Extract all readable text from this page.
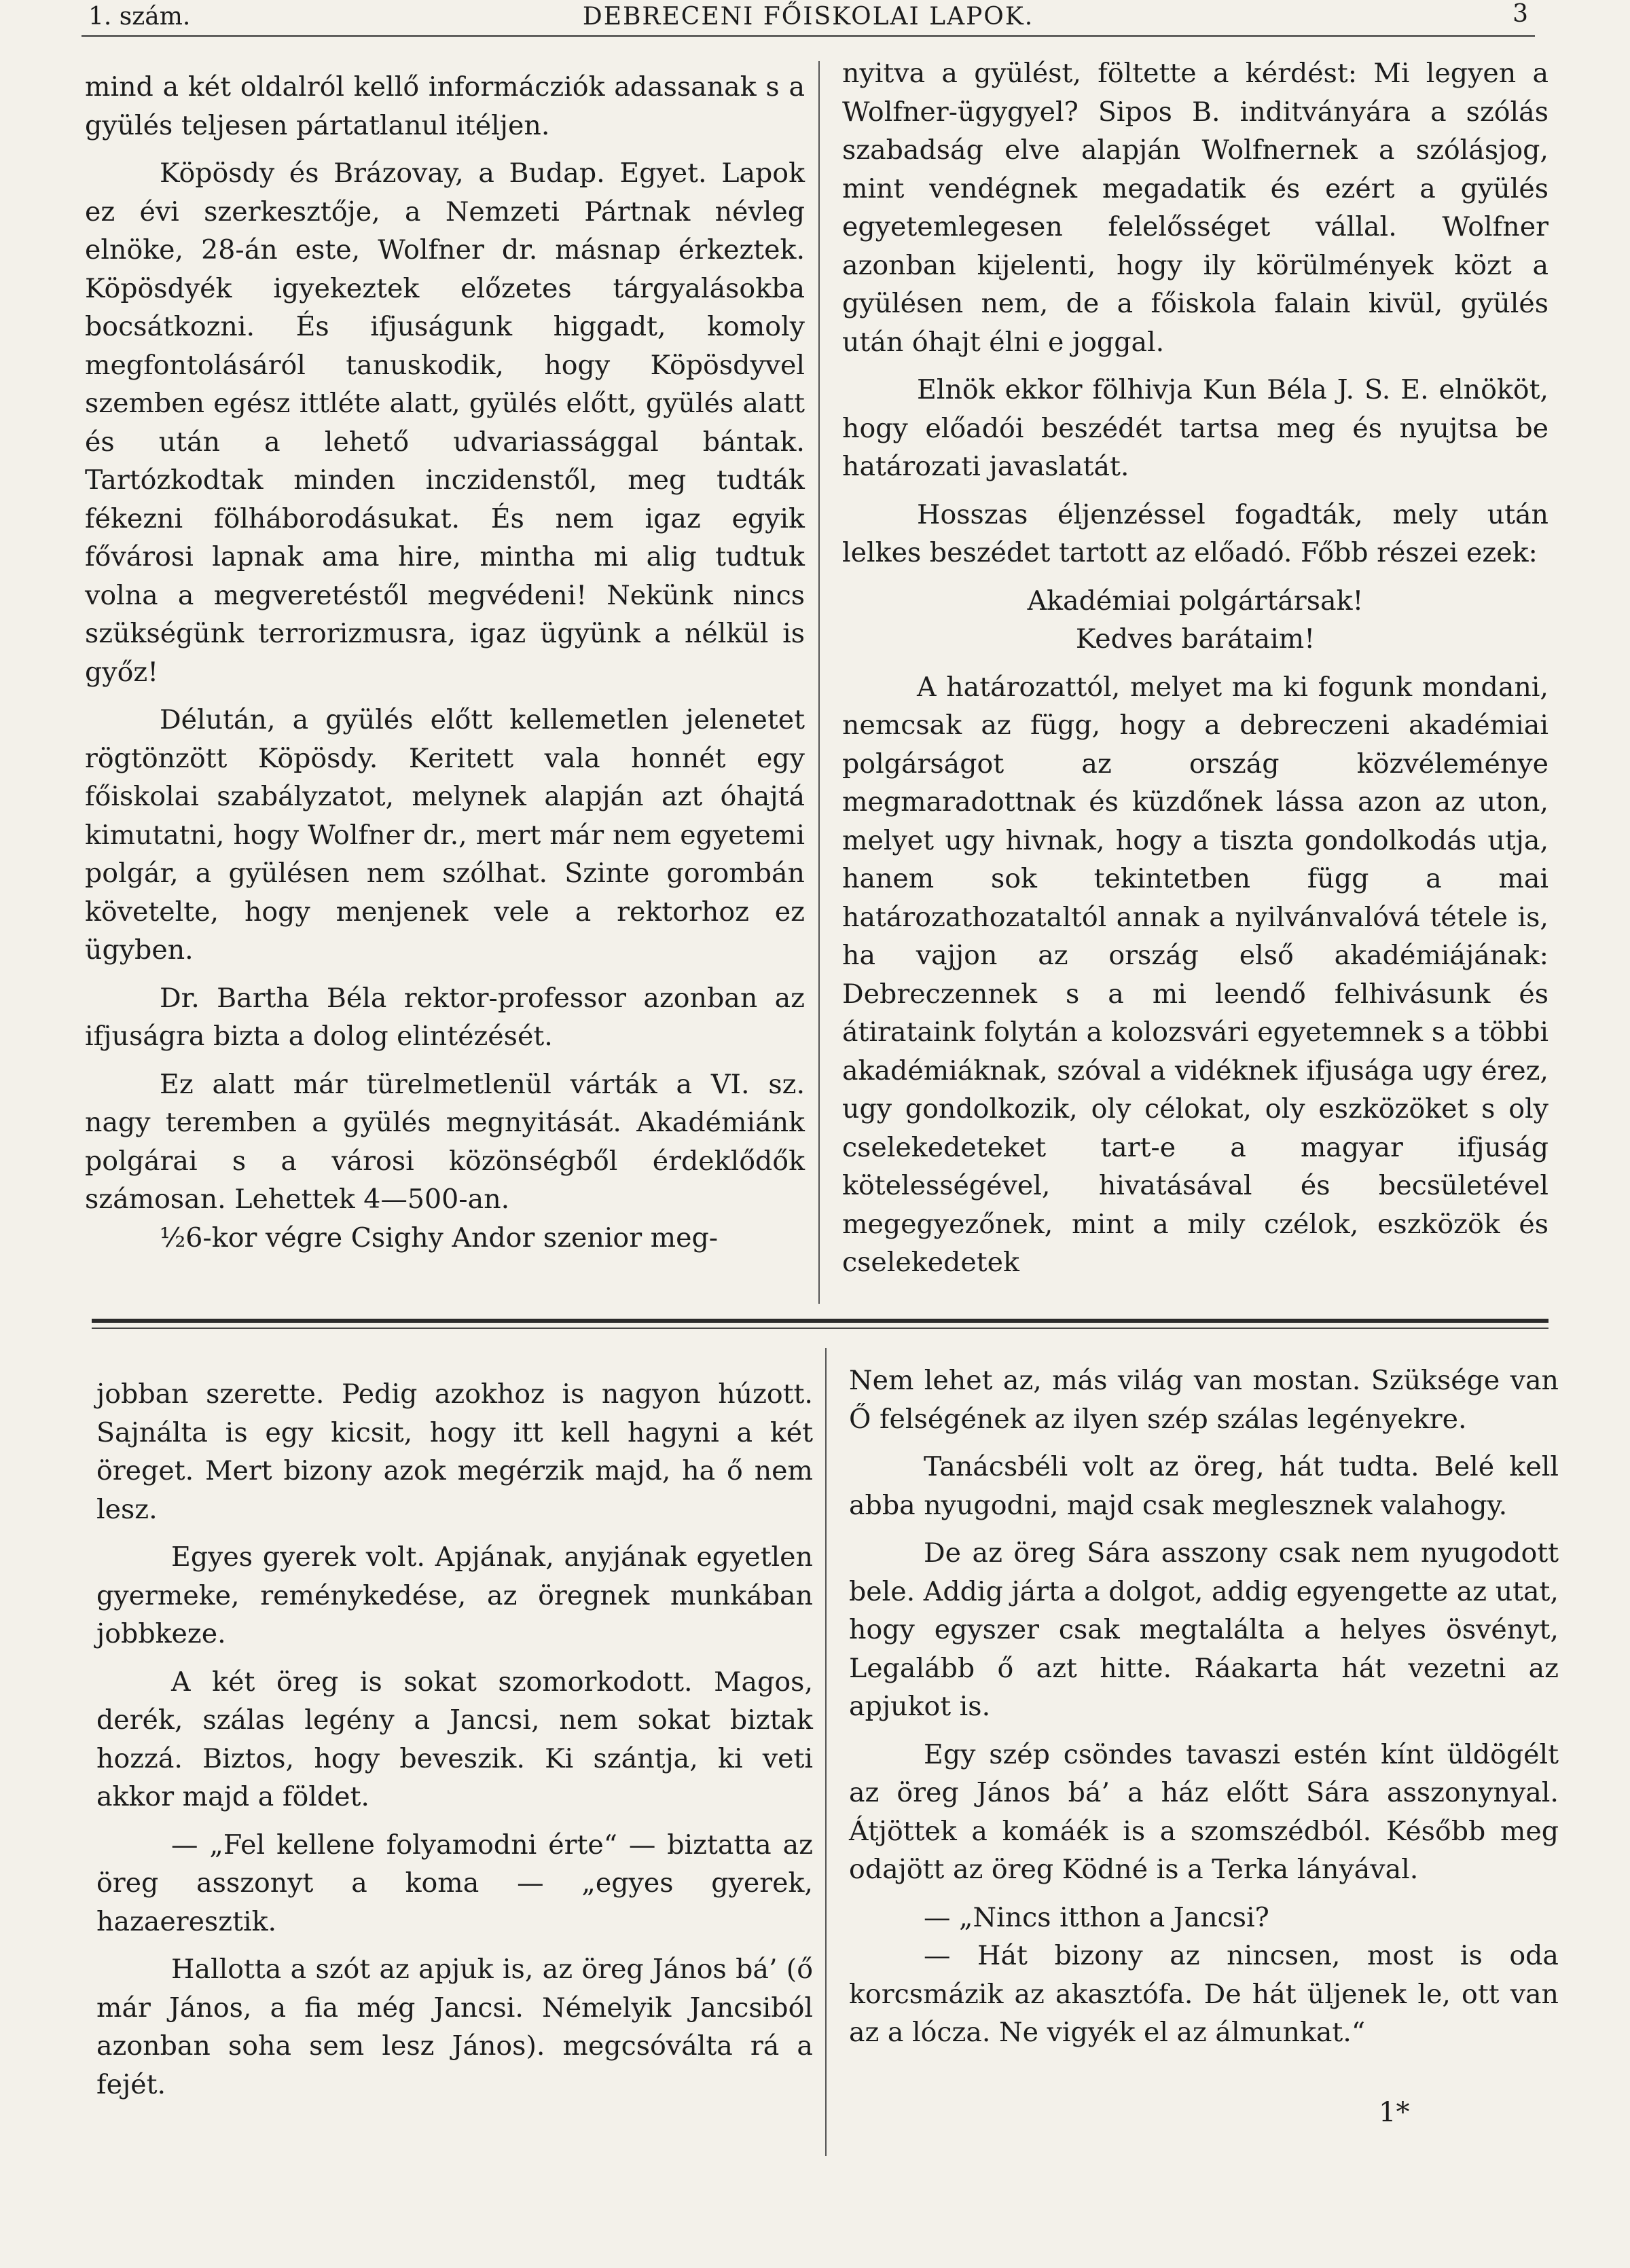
1. szám.	DEBRECENI FŐISKOLAI LAPOK.	3

mind a két oldalról kellő informácziók adassanak s a gyülés teljesen pártatlanul itéljen.

Köpösdy és Brázovay, a Budap. Egyet. Lapok ez évi szerkesztője, a Nemzeti Pártnak névleg elnöke, 28-án este, Wolfner dr. másnap érkeztek. Köpösdyék igyekeztek előzetes tárgyalásokba bocsátkozni. És ifjuságunk higgadt, komoly megfontolásáról tanuskodik, hogy Köpösdyvel szemben egész ittléte alatt, gyülés előtt, gyülés alatt és után a lehető udvariassággal bántak. Tartózkodtak minden inczidenstől, meg tudták fékezni fölháborodásukat. És nem igaz egyik fővárosi lapnak ama hire, mintha mi alig tudtuk volna a megveretéstől megvédeni! Nekünk nincs szükségünk terrorizmusra, igaz ügyünk a nélkül is győz!

Délután, a gyülés előtt kellemetlen jelenetet rögtönzött Köpösdy. Keritett vala honnét egy főiskolai szabályzatot, melynek alapján azt óhajtá kimutatni, hogy Wolfner dr., mert már nem egyetemi polgár, a gyülésen nem szólhat. Szinte gorombán követelte, hogy menjenek vele a rektorhoz ez ügyben.

Dr. Bartha Béla rektor-professor azonban az ifjuságra bizta a dolog elintézését.

Ez alatt már türelmetlenül várták a VI. sz. nagy teremben a gyülés megnyitását. Akadémiánk polgárai s a városi közönségből érdeklődők számosan. Lehettek 4—500-an.

½6-kor végre Csighy Andor szenior meg-

nyitva a gyülést, föltette a kérdést: Mi legyen a Wolfner-ügygyel? Sipos B. inditványára a szólás szabadság elve alapján Wolfnernek a szólásjog, mint vendégnek megadatik és ezért a gyülés egyetemlegesen felelősséget vállal. Wolfner azonban kijelenti, hogy ily körülmények közt a gyülésen nem, de a főiskola falain kivül, gyülés után óhajt élni e joggal.

Elnök ekkor fölhivja Kun Béla J. S. E. elnököt, hogy előadói beszédét tartsa meg és nyujtsa be határozati javaslatát.

Hosszas éljenzéssel fogadták, mely után lelkes beszédet tartott az előadó. Főbb részei ezek:

Akadémiai polgártársak!

Kedves barátaim!

A határozattól, melyet ma ki fogunk mondani, nemcsak az függ, hogy a debreczeni akadémiai polgárságot az ország közvéleménye megmaradottnak és küzdőnek lássa azon az uton, melyet ugy hivnak, hogy a tiszta gondolkodás utja, hanem sok tekintetben függ a mai határozathozataltól annak a nyilvánvalóvá tétele is, ha vajjon az ország első akadémiájának: Debreczennek s a mi leendő felhivásunk és átirataink folytán a kolozsvári egyetemnek s a többi akadémiáknak, szóval a vidéknek ifjusága ugy érez, ugy gondolkozik, oly célokat, oly eszközöket s oly cselekedeteket tart-e a magyar ifjuság kötelességével, hivatásával és becsületével megegyezőnek, mint a mily czélok, eszközök és cselekedetek

jobban szerette. Pedig azokhoz is nagyon húzott. Sajnálta is egy kicsit, hogy itt kell hagyni a két öreget. Mert bizony azok megérzik majd, ha ő nem lesz.

Egyes gyerek volt. Apjának, anyjának egyetlen gyermeke, reménykedése, az öregnek munkában jobbkeze.

A két öreg is sokat szomorkodott. Magos, derék, szálas legény a Jancsi, nem sokat biztak hozzá. Biztos, hogy beveszik. Ki szántja, ki veti akkor majd a földet.

— „Fel kellene folyamodni érte“ — biztatta az öreg asszonyt a koma — „egyes gyerek, hazaeresztik.

Hallotta a szót az apjuk is, az öreg János bá’ (ő már János, a fia még Jancsi. Némelyik Jancsiból azonban soha sem lesz János). megcsóválta rá a fejét.

Nem lehet az, más világ van mostan. Szüksége van Ő felségének az ilyen szép szálas legényekre.

Tanácsbéli volt az öreg, hát tudta. Belé kell abba nyugodni, majd csak meglesznek valahogy.

De az öreg Sára asszony csak nem nyugodott bele. Addig járta a dolgot, addig egyengette az utat, hogy egyszer csak megtalálta a helyes ösvényt, Legalább ő azt hitte. Ráakarta hát vezetni az apjukot is.

Egy szép csöndes tavaszi estén kínt üldögélt az öreg János bá’ a ház előtt Sára asszonynyal. Átjöttek a komáék is a szomszédból. Később meg odajött az öreg Ködné is a Terka lányával.

— „Nincs itthon a Jancsi?

— Hát bizony az nincsen, most is oda korcsmázik az akasztófa. De hát üljenek le, ott van az a lócza. Ne vigyék el az álmunkat.“

1*
